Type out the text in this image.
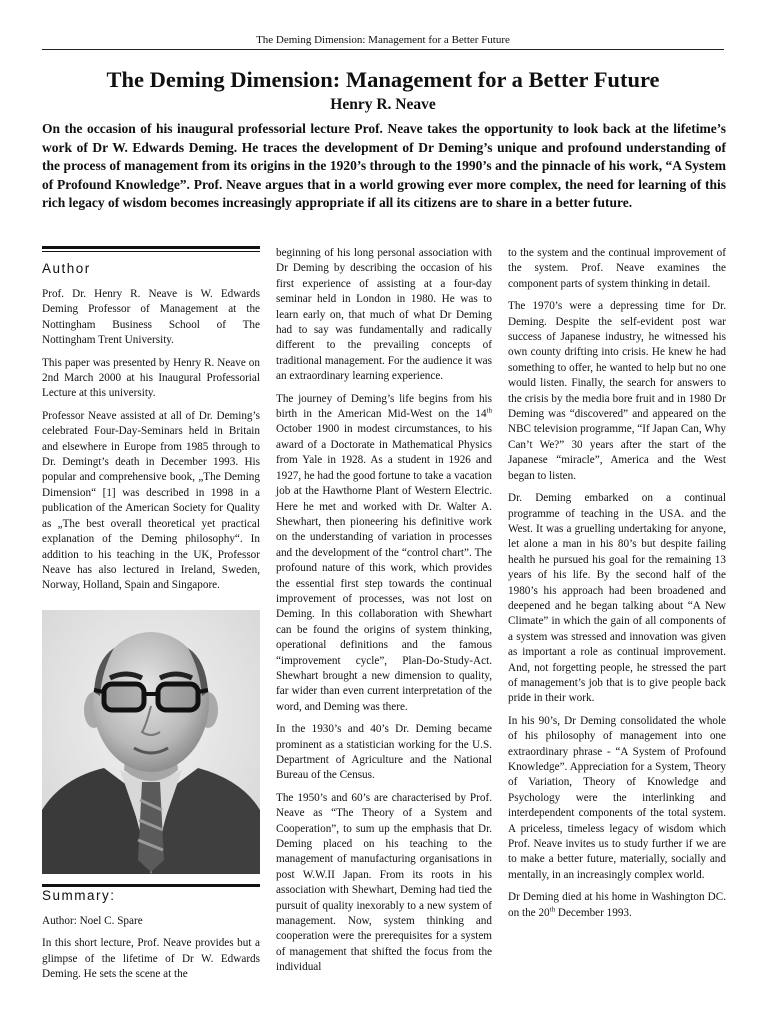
The Deming Dimension: Management for a Better Future
The Deming Dimension: Management for a Better Future
Henry R. Neave

On the occasion of his inaugural professorial lecture Prof. Neave takes the opportunity to look back at the lifetime’s work of Dr W. Edwards Deming. He traces the development of Dr Deming’s unique and profound understanding of the process of management from its origins in the 1920’s through to the 1990’s and the pinnacle of his work, “A System of Profound Knowledge”. Prof. Neave argues that in a world growing ever more complex, the need for learning of this rich legacy of wisdom becomes increasingly appropriate if all its citizens are to share in a better future.

Author

Prof. Dr. Henry R. Neave is W. Edwards Deming Professor of Management at the Nottingham Business School of The Nottingham Trent University.

This paper was presented by Henry R. Neave on 2nd March 2000 at his Inaugural Professorial Lecture at this university.

Professor Neave assisted at all of Dr. Deming’s celebrated Four-Day-Seminars held in Britain and elsewhere in Europe from 1985 through to Dr. Demingt’s death in December 1993. His popular and comprehensive book, „The Deming Dimension“ [1] was described in 1998 in a publication of the American Society for Quality as „The best overall theoretical yet practical explanation of the Deming philosophy“. In addition to his teaching in the UK, Professor Neave has also lectured in Ireland, Sweden, Norway, Holland, Spain and Singapore.

Summary:

Author: Noel C. Spare

In this short lecture, Prof. Neave provides but a glimpse of the lifetime of Dr W. Edwards Deming. He sets the scene at the

beginning of his long personal association with Dr Deming by describing the occasion of his first experience of assisting at a four-day seminar held in London in 1980. He was to learn early on, that much of what Dr Deming had to say was fundamentally and radically different to the prevailing concepts of traditional management. For the audience it was an extraordinary learning experience.

The journey of Deming’s life begins from his birth in the American Mid-West on the 14th October 1900 in modest circumstances, to his award of a Doctorate in Mathematical Physics from Yale in 1928. As a student in 1926 and 1927, he had the good fortune to take a vacation job at the Hawthorne Plant of Western Electric. Here he met and worked with Dr. Walter A. Shewhart, then pioneering his definitive work on the understanding of variation in processes and the development of the “control chart”. The profound nature of this work, which provides the essential first step towards the continual improvement of processes, was not lost on Deming. In this collaboration with Shewhart can be found the origins of system thinking, operational definitions and the famous “improvement cycle”, Plan-Do-Study-Act. Shewhart brought a new dimension to quality, far wider than even current interpretation of the word, and Deming was there.

In the 1930’s and 40’s Dr. Deming became prominent as a statistician working for the U.S. Department of Agriculture and the National Bureau of the Census.

The 1950’s and 60’s are characterised by Prof. Neave as “The Theory of a System and Cooperation”, to sum up the emphasis that Dr. Deming placed on his teaching to the management of manufacturing organisations in post W.W.II Japan. From its roots in his association with Shewhart, Deming had tied the pursuit of quality inexorably to a new system of management. Now, system thinking and cooperation were the prerequisites for a system of management that shifted the focus from the individual

to the system and the continual improvement of the system. Prof. Neave examines the component parts of system thinking in detail.

The 1970’s were a depressing time for Dr. Deming. Despite the self-evident post war success of Japanese industry, he witnessed his own county drifting into crisis. He knew he had something to offer, he wanted to help but no one would listen. Finally, the search for answers to the crisis by the media bore fruit and in 1980 Dr Deming was “discovered” and appeared on the NBC television programme, “If Japan Can, Why Can’t We?” 30 years after the start of the Japanese “miracle”, America and the West began to listen.

Dr. Deming embarked on a continual programme of teaching in the USA. and the West. It was a gruelling undertaking for anyone, let alone a man in his 80’s but despite failing health he pursued his goal for the remaining 13 years of his life. By the second half of the 1980’s his approach had been broadened and deepened and he began talking about “A New Climate” in which the gain of all components of a system was stressed and innovation was given as important a role as continual improvement. And, not forgetting people, he stressed the part of management’s job that is to give people back pride in their work.

In his 90’s, Dr Deming consolidated the whole of his philosophy of management into one extraordinary phrase - “A System of Profound Knowledge”. Appreciation for a System, Theory of Variation, Theory of Knowledge and Psychology were the interlinking and interdependent components of the total system. A priceless, timeless legacy of wisdom which Prof. Neave invites us to study further if we are to make a better future, materially, socially and mentally, in an increasingly complex world.

Dr Deming died at his home in Washington DC. on the 20th December 1993.
